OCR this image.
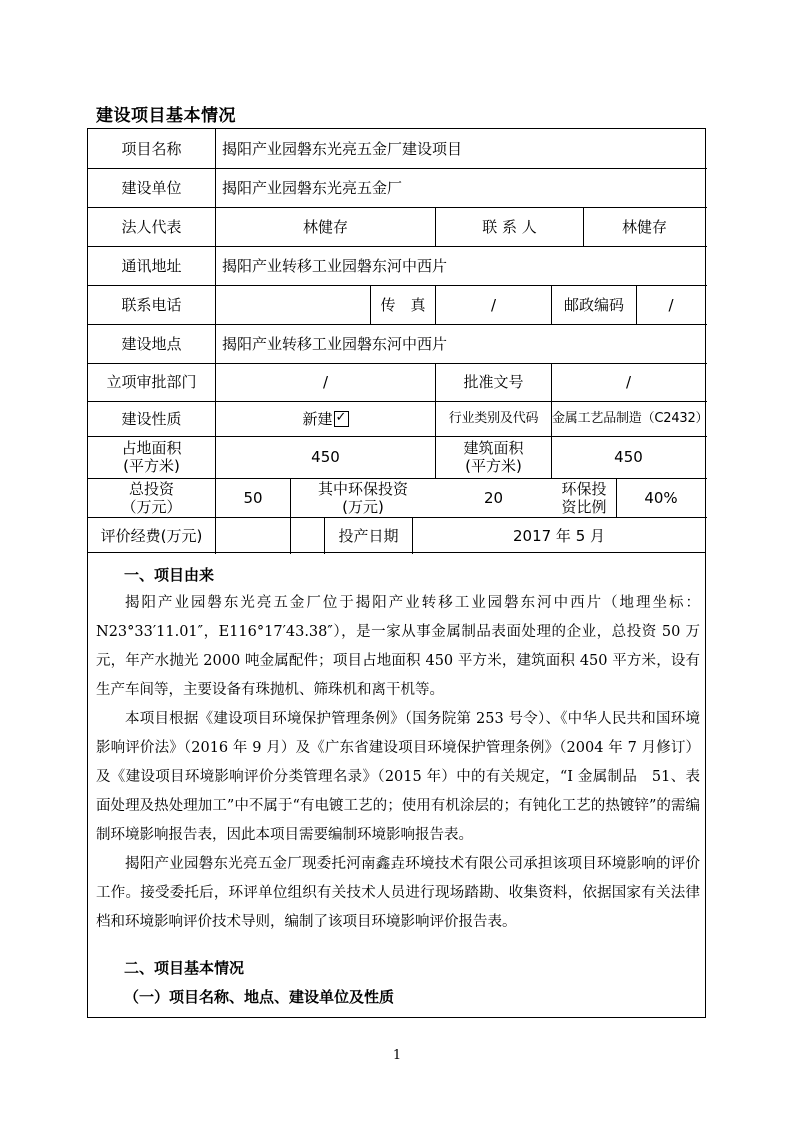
建设项目基本情况
项目名称	揭阳产业园磐东光亮五金厂建设项目
建设单位	揭阳产业园磐东光亮五金厂
法人代表	林健存	联 系 人	林健存
通讯地址	揭阳产业转移工业园磐东河中西片
联系电话	传　真	/	邮政编码	/
建设地点	揭阳产业转移工业园磐东河中西片
立项审批部门	/	批准文号	/
建设性质	新建
✓	行业类别及代码	金属工艺品制造（C2432）
占地面积
(平方米)	450	建筑面积
(平方米)	450
总投资
（万元）	50	其中环保投资
(万元)	20	环保投
资比例	40%
评价经费(万元)	投产日期	2017 年 5 月
一、项目由来

揭阳产业园磐东光亮五金厂位于揭阳产业转移工业园磐东河中西片（地理坐标：N23°33′11.01″，E116°17′43.38″），是一家从事金属制品表面处理的企业，总投资 50 万元，年产水抛光 2000 吨金属配件；项目占地面积 450 平方米，建筑面积 450 平方米，设有生产车间等，主要设备有珠抛机、筛珠机和离干机等。

本项目根据《建设项目环境保护管理条例》（国务院第 253 号令）、《中华人民共和国环境影响评价法》（2016 年 9 月）及《广东省建设项目环境保护管理条例》（2004 年 7 月修订）及《建设项目环境影响评价分类管理名录》（2015 年）中的有关规定，“I 金属制品　51、表面处理及热处理加工”中不属于“有电镀工艺的；使用有机涂层的；有钝化工艺的热镀锌”的需编制环境影响报告表，因此本项目需要编制环境影响报告表。

揭阳产业园磐东光亮五金厂现委托河南鑫垚环境技术有限公司承担该项目环境影响的评价工作。接受委托后，环评单位组织有关技术人员进行现场踏勘、收集资料，依据国家有关法律档和环境影响评价技术导则，编制了该项目环境影响评价报告表。

二、项目基本情况
（一）项目名称、地点、建设单位及性质
1
